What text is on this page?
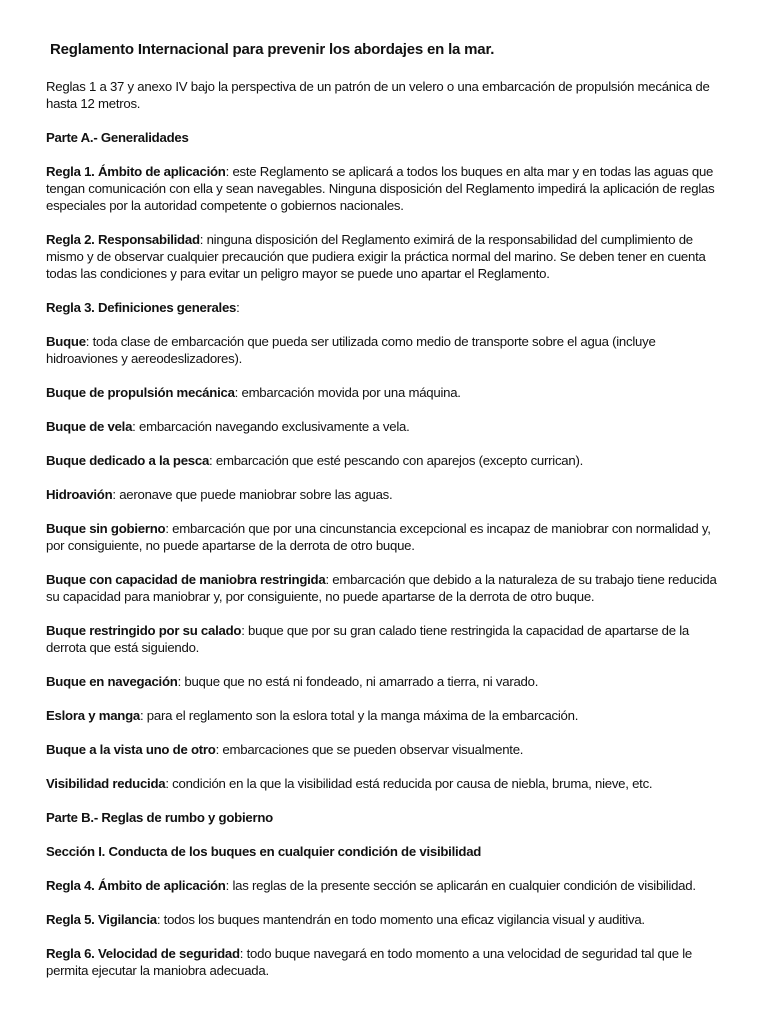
Reglamento Internacional para prevenir los abordajes en la mar.
Reglas 1 a 37 y anexo IV bajo la perspectiva de un patrón de un velero o una embarcación de propulsión mecánica de hasta 12 metros.
Parte A.- Generalidades
Regla 1. Ámbito de aplicación: este Reglamento se aplicará a todos los buques en alta mar y en todas las aguas que tengan comunicación con ella y sean navegables. Ninguna disposición del Reglamento impedirá la aplicación de reglas especiales por la autoridad competente o gobiernos nacionales.
Regla 2. Responsabilidad: ninguna disposición del Reglamento eximirá de la responsabilidad del cumplimiento de mismo y de observar cualquier precaución que pudiera exigir la práctica normal del marino. Se deben tener en cuenta todas las condiciones y para evitar un peligro mayor se puede uno apartar el Reglamento.
Regla 3. Definiciones generales:
Buque: toda clase de embarcación que pueda ser utilizada como medio de transporte sobre el agua (incluye hidroaviones y aereodeslizadores).
Buque de propulsión mecánica: embarcación movida por una máquina.
Buque de vela: embarcación navegando exclusivamente a vela.
Buque dedicado a la pesca: embarcación que esté pescando con aparejos (excepto currican).
Hidroavión: aeronave que puede maniobrar sobre las aguas.
Buque sin gobierno: embarcación que por una cincunstancia excepcional es incapaz de maniobrar con normalidad y, por consiguiente, no puede apartarse de la derrota de otro buque.
Buque con capacidad de maniobra restringida: embarcación que debido a la naturaleza de su trabajo tiene reducida su capacidad para maniobrar y, por consiguiente, no puede apartarse de la derrota de otro buque.
Buque restringido por su calado: buque que por su gran calado tiene restringida la capacidad de apartarse de la derrota que está siguiendo.
Buque en navegación: buque que no está ni fondeado, ni amarrado a tierra, ni varado.
Eslora y manga: para el reglamento son la eslora total y la manga máxima de la embarcación.
Buque a la vista uno de otro: embarcaciones que se pueden observar visualmente.
Visibilidad reducida: condición en la que la visibilidad está reducida por causa de niebla, bruma, nieve, etc.
Parte B.- Reglas de rumbo y gobierno
Sección I. Conducta de los buques en cualquier condición de visibilidad
Regla 4. Ámbito de aplicación: las reglas de la presente sección se aplicarán en cualquier condición de visibilidad.
Regla 5. Vigilancia: todos los buques mantendrán en todo momento una eficaz vigilancia visual y auditiva.
Regla 6. Velocidad de seguridad: todo buque navegará en todo momento a una velocidad de seguridad tal que le permita ejecutar la maniobra adecuada.
